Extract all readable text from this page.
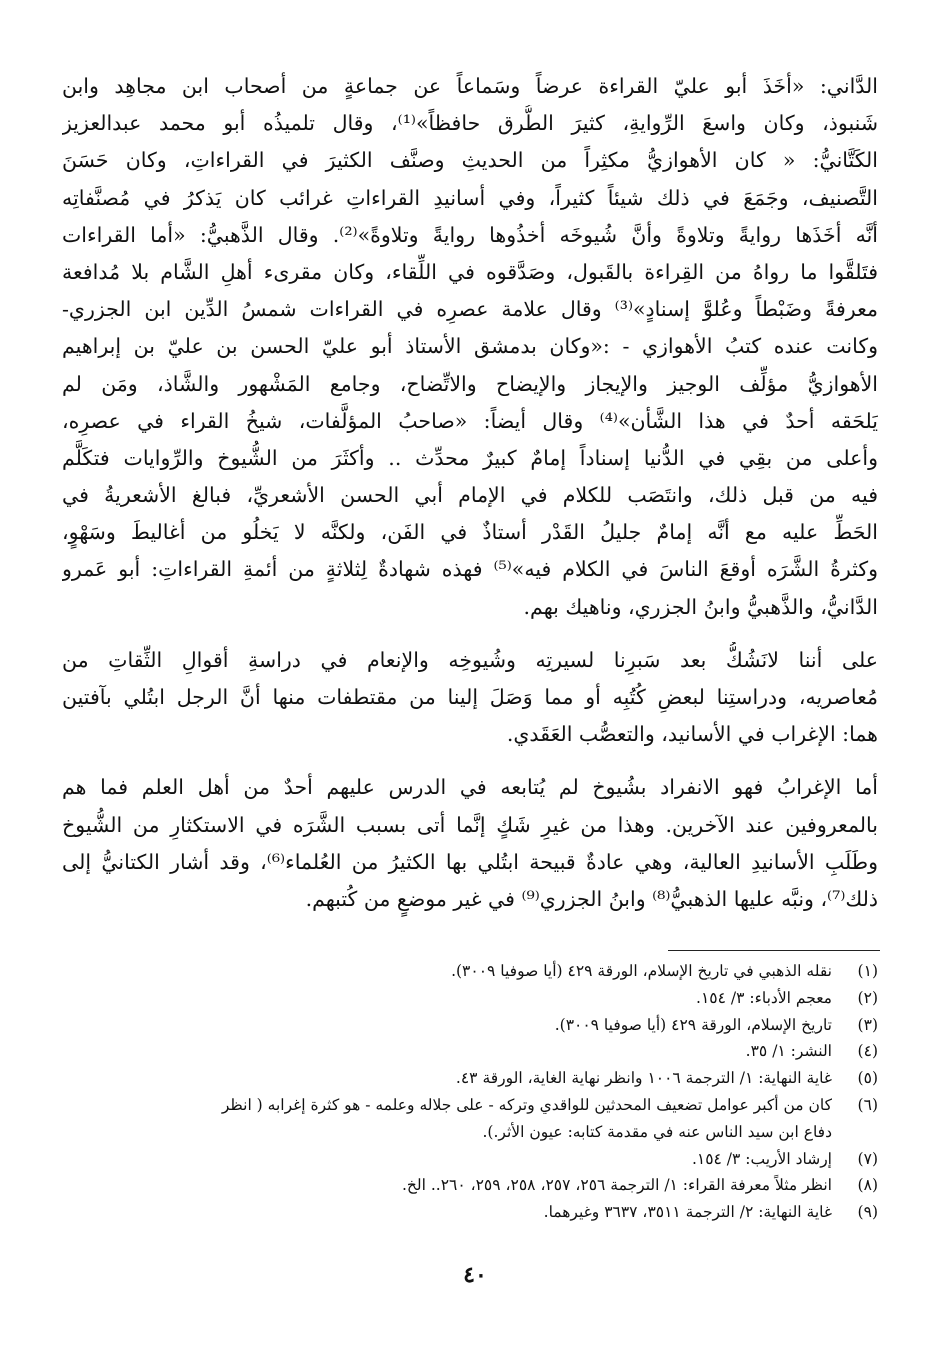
الدَّاني: «أخَذَ أبو عليّ القراءة عرضاً وسَماعاً عن جماعةٍ من أصحاب ابن مجاهِد وابن
شَنبوذ، وكان واسعَ الرِّوايةِ، كثيرَ الطُّرق حافظاً»⁽¹⁾، وقال تلميذُه أبو محمد عبدالعزيز
الكَتَّانيُّ: « كان الأهوازيُّ مكثِراً من الحديثِ وصنَّف الكثيرَ في القراءاتِ، وكان حَسَنَ
التَّصنيف، وجَمَعَ في ذلك شيئاً كثيراً، وفي أسانيدِ القراءاتِ غرائب كان يَذكرُ في مُصنَّفاتِه
أنَّه أخَذَها روايةً وتلاوةً وأنَّ شُيوخَه أخذُوها روايةً وتلاوةً»⁽²⁾. وقال الذَّهبيُّ: «أما القراءات
فتَلقَّوا ما رواهُ من القِراءة بالقَبول، وصَدَّقوه في اللِّقاء، وكان مقرىء أهلِ الشَّام بلا مُدافعة
معرفةً وضَبْطاً وعُلوَّ إسنادٍ»⁽³⁾ وقال علامة عصرِه في القراءات شمسُ الدِّين ابن الجزري-
وكانت عنده كتبُ الأهوازي - :«وكان بدمشق الأستاذ أبو عليّ الحسن بن عليّ بن إبراهيم
الأهوازيُّ مؤلِّف الوجيز والإيجاز والإيضاح والاتِّضاح، وجامع المَشْهور والشَّاذ، ومَن لم
يَلحَقه أحدٌ في هذا الشَّأن»⁽⁴⁾ وقال أيضاً: «صاحبُ المؤلَّفات، شيخُ القراء في عصرِه،
وأعلى من بقِي في الدُّنيا إسناداً إمامٌ كبيرٌ محدِّث .. وأكثَرَ من الشُّيوخ والرِّوايات فتكَلَّم
فيه من قبل ذلك، وانتَصَب للكلام في الإمام أبي الحسن الأشعريِّ، فبالغ الأشعريةُ في
الحَطِّ عليه مع أنَّه إمامٌ جليلُ القَدْر أستاذٌ في الفَن، ولكنَّه لا يَخلُو من أغاليطَ وسَهْوٍ،
وكثرةُ الشَّرَه أوقعَ الناسَ في الكلام فيه»⁽⁵⁾ فهذه شهادةٌ لِثلاثةٍ من أئمةِ القراءاتِ: أبو عَمرو
الدَّانيُّ، والذَّهبيُّ وابنُ الجزري، وناهيك بهم.
على أننا لانَشُكُّ بعد سَبرِنا لسيرتِه وشُيوخِه والإنعام في دراسةِ أقوالِ الثِّقاتِ من
مُعاصريه، ودراستِنا لبعضِ كُتُبِه أو مما وَصَلَ إلينا من مقتطفات منها أنَّ الرجل ابتُلي بآفتين
هما: الإغراب في الأسانيد، والتعصُّب العَقَدي.
أما الإغرابُ فهو الانفراد بشُيوخ لم يُتابعه في الدرس عليهم أحدٌ من أهل العلم فما هم
بالمعروفين عند الآخرين. وهذا من غيرِ شَكٍ إنَّما أتى بسبب الشَّرَه في الاستكثارِ من الشُّيوخ
وطَلَبِ الأسانيدِ العالية، وهي عادةٌ قبيحة ابتُلي بها الكثيرُ من العُلماء⁽⁶⁾، وقد أشار الكتانيُّ إلى
ذلك⁽⁷⁾، ونبَّه عليها الذهبيُّ⁽⁸⁾ وابنُ الجزري⁽⁹⁾ في غير موضعٍ من كُتبهم.
(١)
نقله الذهبي في تاريخ الإسلام، الورقة ٤٢٩ (أيا صوفيا ٣٠٠٩).
(٢)
معجم الأدباء: ٣/ ١٥٤.
(٣)
تاريخ الإسلام، الورقة ٤٢٩ (أيا صوفيا ٣٠٠٩).
(٤)
النشر: ١/ ٣٥.
(٥)
غاية النهاية: ١/ الترجمة ١٠٠٦ وانظر نهاية الغاية، الورقة ٤٣.
(٦)
كان من أكبر عوامل تضعيف المحدثين للواقدي وتركه - على جلاله وعلمه - هو كثرة إغرابه ( انظر
دفاع ابن سيد الناس عنه في مقدمة كتابه: عيون الأثر.).
(٧)
إرشاد الأريب: ٣/ ١٥٤.
(٨)
انظر مثلاً معرفة القراء: ١/ الترجمة ٢٥٦، ٢٥٧، ٢٥٨، ٢٥٩، ٢٦٠.. الخ.
(٩)
غاية النهاية: ٢/ الترجمة ٣٥١١، ٣٦٣٧ وغيرهما.
٤٠
